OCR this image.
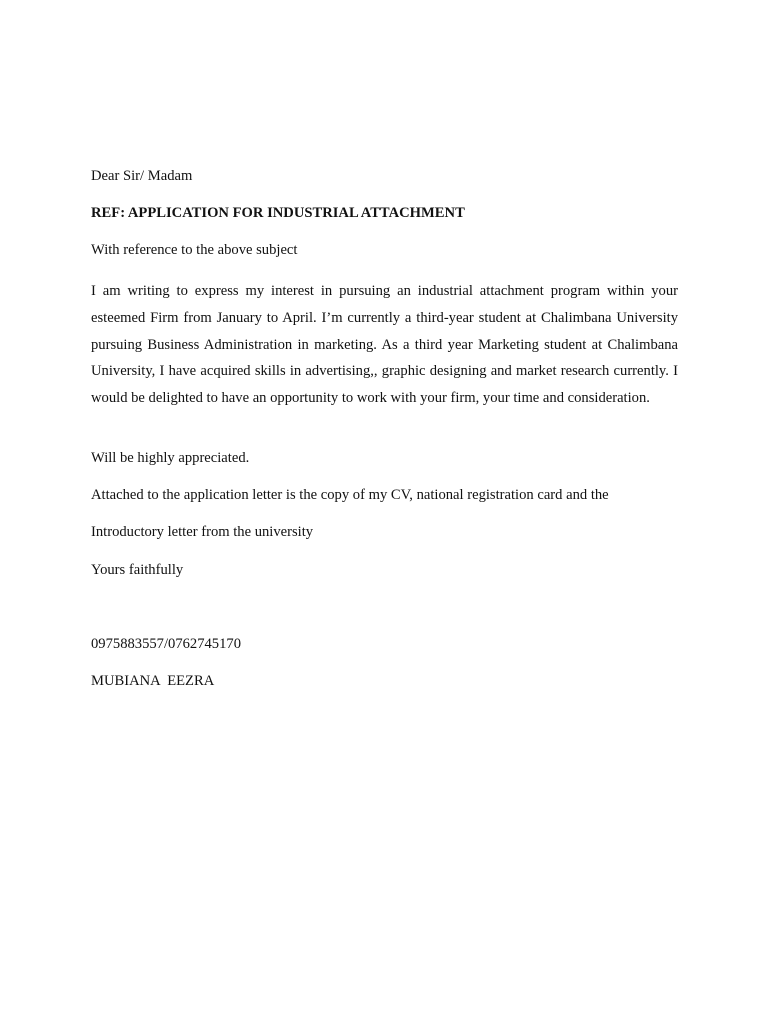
Dear Sir/ Madam
REF: APPLICATION FOR INDUSTRIAL ATTACHMENT
With reference to the above subject
I am writing to express my interest in pursuing an industrial attachment program within your esteemed Firm from January to April. I’m currently a third-year student at Chalimbana University pursuing Business Administration in marketing. As a third year Marketing student at Chalimbana University, I have acquired skills in advertising,, graphic designing and market research currently. I would be delighted to have an opportunity to work with your firm, your time and consideration.
Will be highly appreciated.
Attached to the application letter is the copy of my CV, national registration card and the
Introductory letter from the university
Yours faithfully
0975883557/0762745170
MUBIANA  EEZRA
